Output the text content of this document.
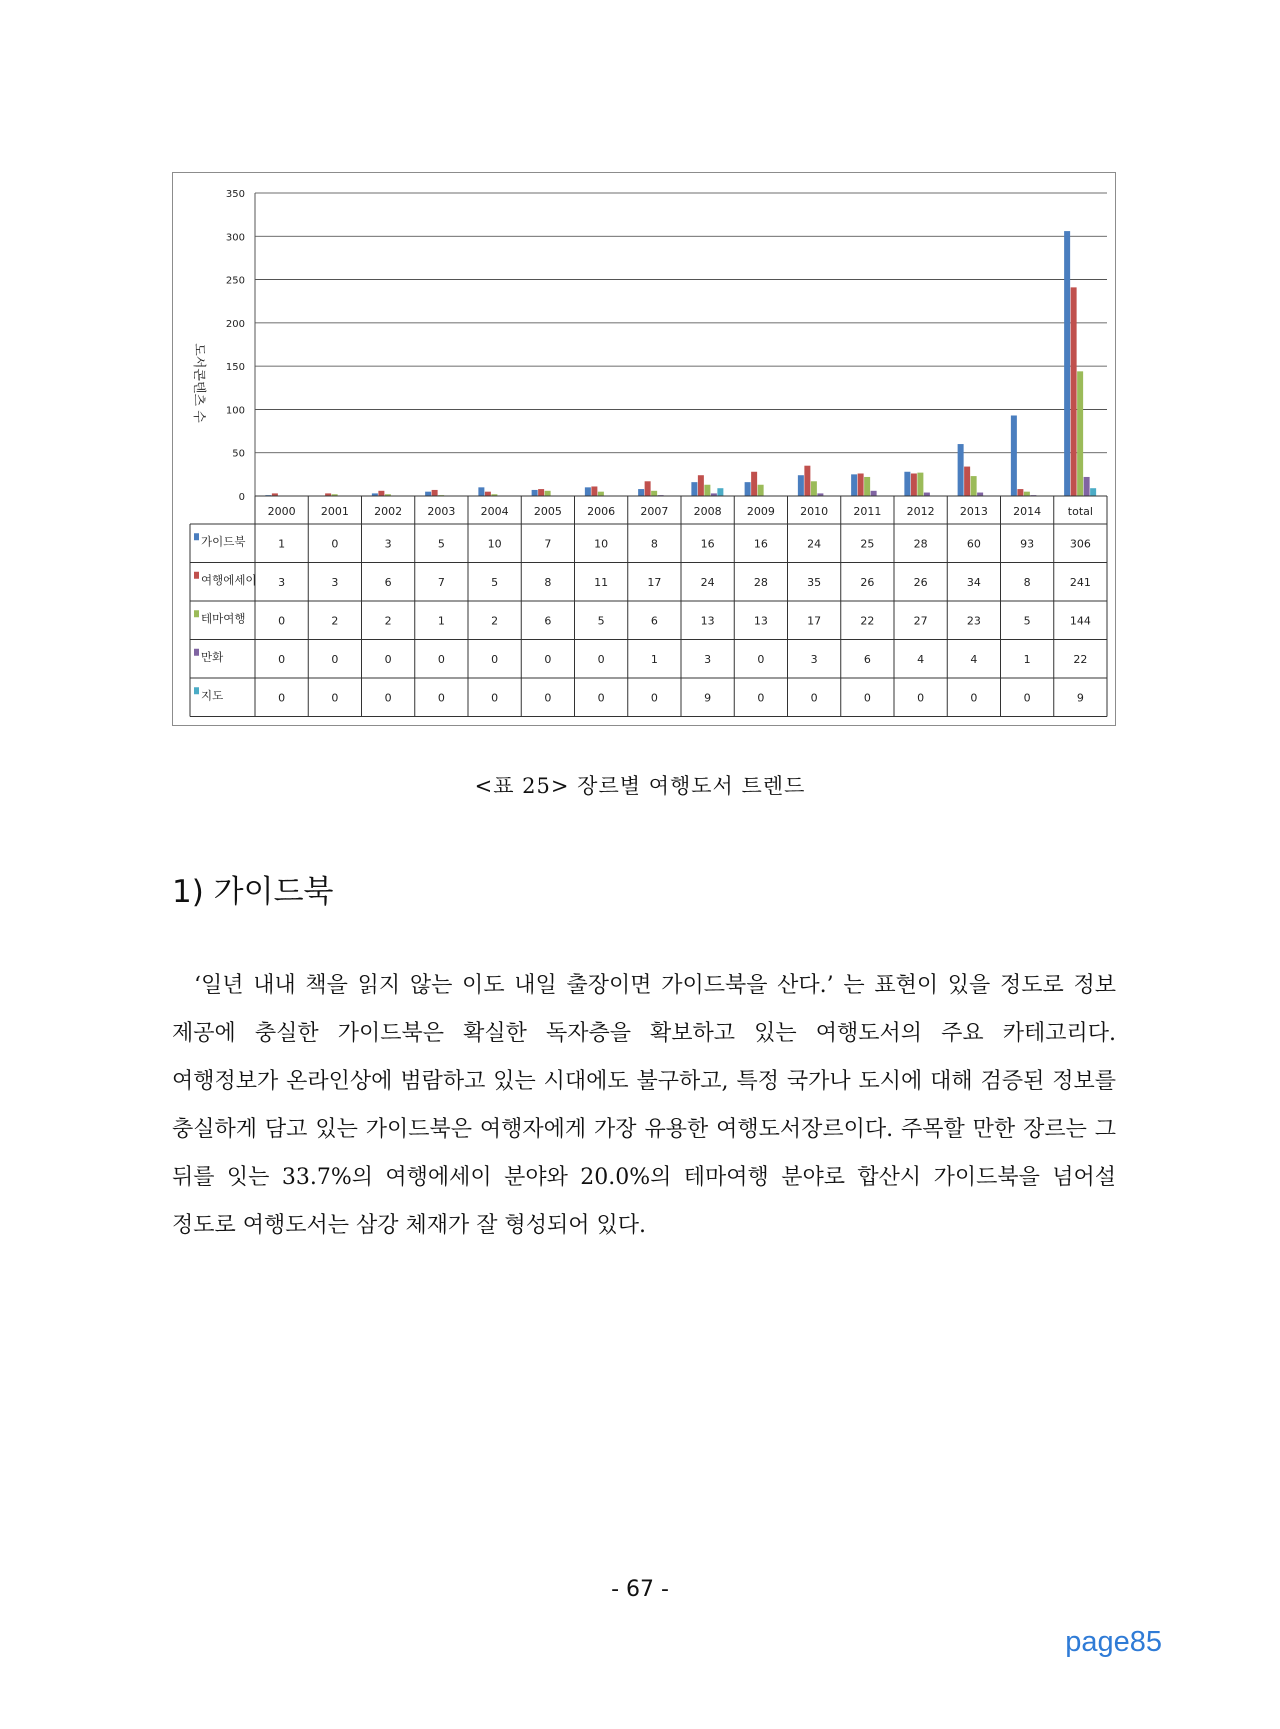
0
50
100
150
200
250
300
350
도서콘텐츠 수
2000 2001 2002 2003 2004 2005 2006 2007 2008 2009 2010 2011 2012 2013 2014 total
가이드북	1	0	3	5	10	7	10	8	16	16	24	25	28	60	93	306
여행에세이 3	3	6	7	5	8	11	17	24	28	35	26	26	34	8	241
테마여행	0	2	2	1	2	6	5	6	13	13	17	22	27	23	5	144
만화	0	0	0	0	0	0	0	1	3	0	3	6	4	4	1	22
지도	0	0	0	0	0	0	0	0	9	0	0	0	0	0	0	9
<표 25> 장르별 여행도서 트렌드
1) 가이드북
‘일년 내내 책을 읽지 않는 이도 내일 출장이면 가이드북을 산다.’ 는 표현이 있을 정도로 정보 제공에 충실한 가이드북은 확실한 독자층을 확보하고 있는 여행도서의 주요 카테고리다. 여행정보가 온라인상에 범람하고 있는 시대에도 불구하고, 특정 국가나 도시에 대해 검증된 정보를 충실하게 담고 있는 가이드북은 여행자에게 가장 유용한 여행도서장르이다. 주목할 만한 장르는 그 뒤를 잇는 33.7%의 여행에세이 분야와 20.0%의 테마여행 분야로 합산시 가이드북을 넘어설 정도로 여행도서는 삼강 체재가 잘 형성되어 있다.
- 67 -
page85
